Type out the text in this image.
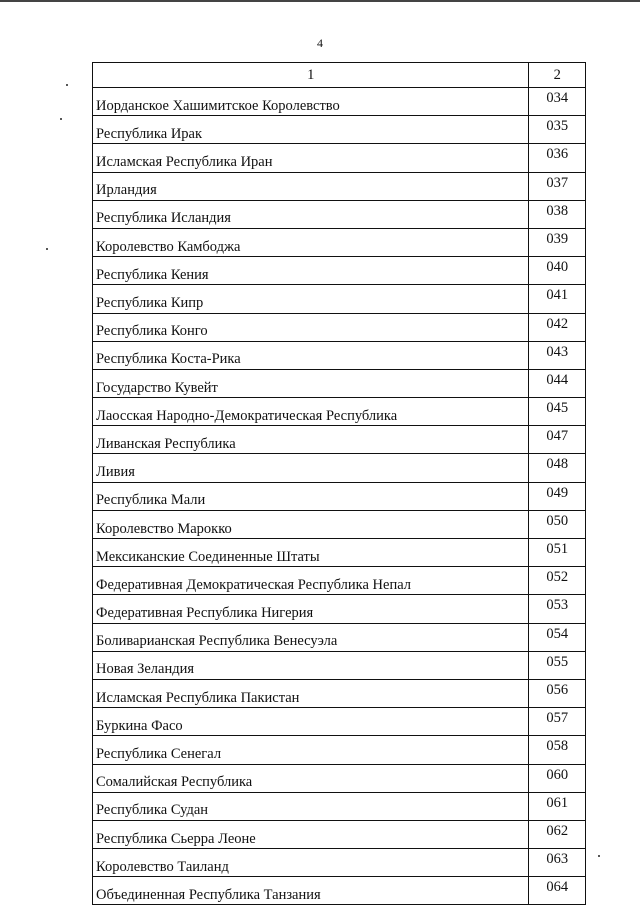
4
1	2
Иорданское Хашимитское Королевство	034
Республика Ирак	035
Исламская Республика Иран	036
Ирландия	037
Республика Исландия	038
Королевство Камбоджа	039
Республика Кения	040
Республика Кипр	041
Республика Конго	042
Республика Коста-Рика	043
Государство Кувейт	044
Лаосская Народно-Демократическая Республика	045
Ливанская Республика	047
Ливия	048
Республика Мали	049
Королевство Марокко	050
Мексиканские Соединенные Штаты	051
Федеративная Демократическая Республика Непал	052
Федеративная Республика Нигерия	053
Боливарианская Республика Венесуэла	054
Новая Зеландия	055
Исламская Республика Пакистан	056
Буркина Фасо	057
Республика Сенегал	058
Сомалийская Республика	060
Республика Судан	061
Республика Сьерра Леоне	062
Королевство Таиланд	063
Объединенная Республика Танзания	064
